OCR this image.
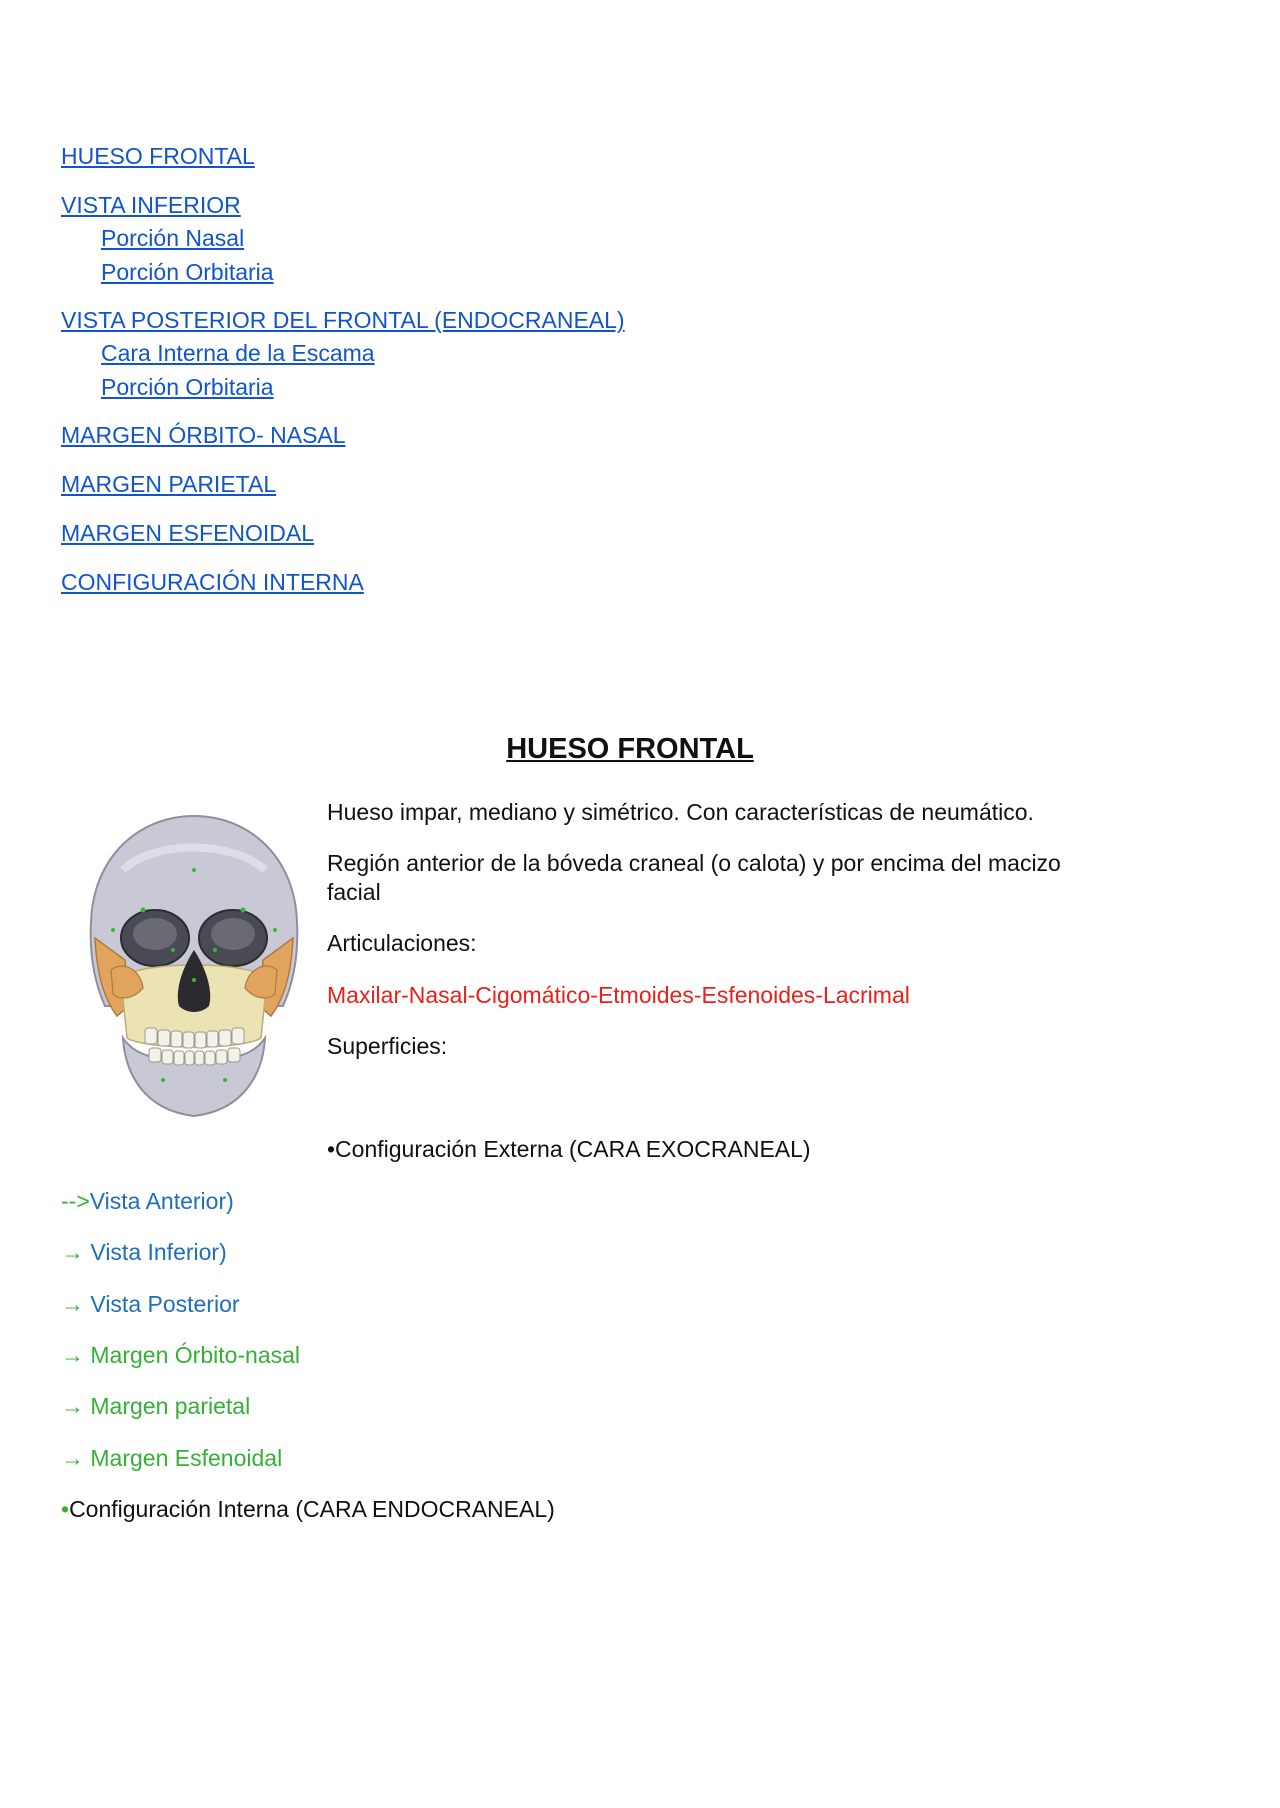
HUESO FRONTAL
VISTA INFERIOR
Porción Nasal
Porción Orbitaria
VISTA POSTERIOR DEL FRONTAL (ENDOCRANEAL)
Cara Interna de la Escama
Porción Orbitaria
MARGEN ÓRBITO- NASAL
MARGEN PARIETAL
MARGEN ESFENOIDAL
CONFIGURACIÓN INTERNA
HUESO FRONTAL

Hueso impar, mediano y simétrico. Con características de neumático.

Región anterior de la bóveda craneal (o calota) y por encima del macizo

facial

Articulaciones:

Maxilar-Nasal-Cigomático-Etmoides-Esfenoides-Lacrimal

Superficies:

•Configuración Externa (CARA EXOCRANEAL)

-->Vista Anterior)

→ Vista Inferior)

→ Vista Posterior

→ Margen Órbito-nasal

→ Margen parietal

→ Margen Esfenoidal

•Configuración Interna (CARA ENDOCRANEAL)
